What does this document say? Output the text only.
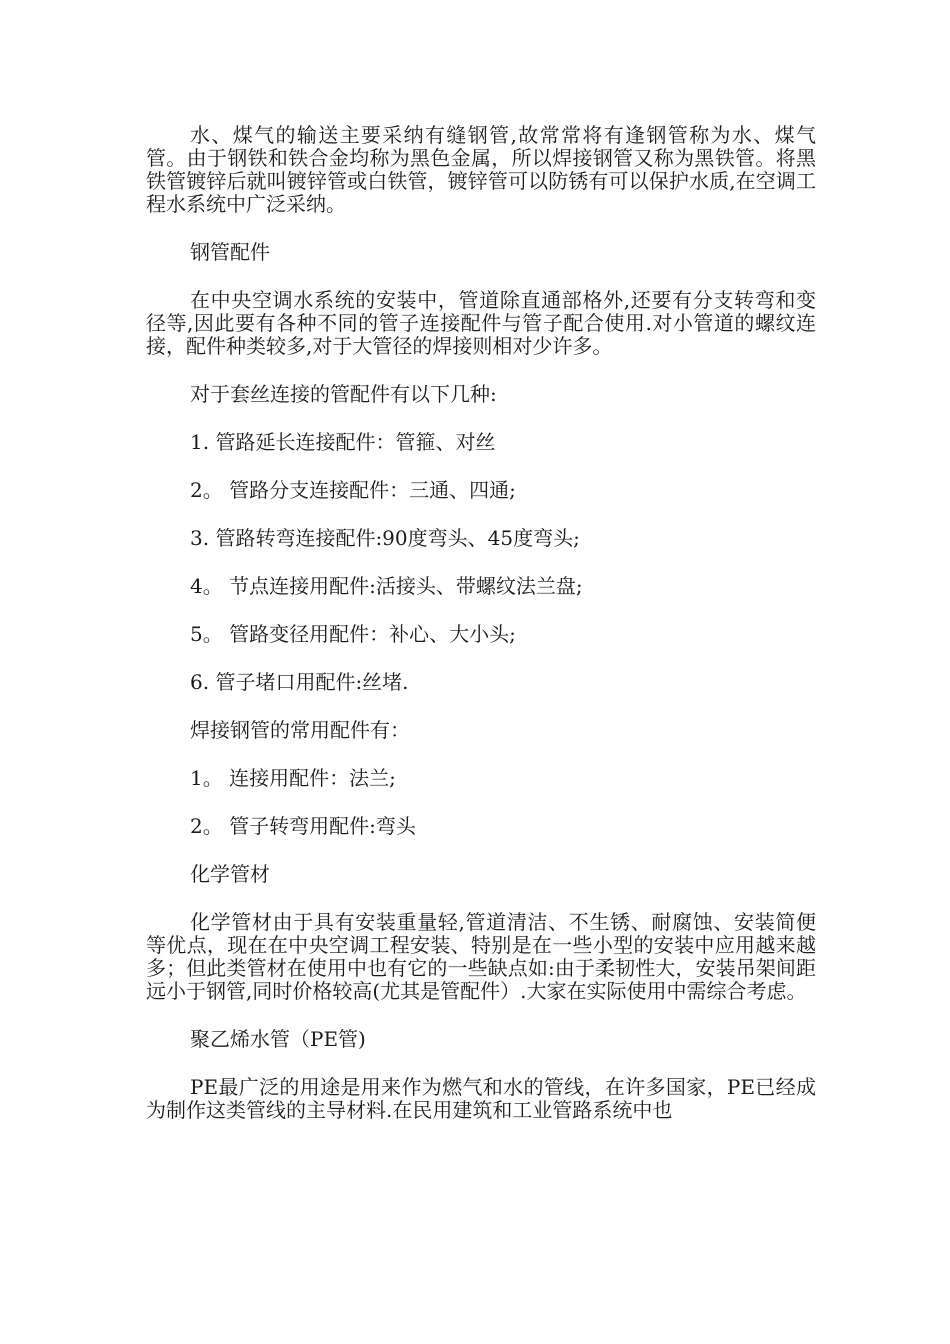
水、煤气的输送主要采纳有缝钢管,故常常将有逢钢管称为水、煤气管。由于钢铁和铁合金均称为黑色金属，所以焊接钢管又称为黑铁管。将黑铁管镀锌后就叫镀锌管或白铁管，镀锌管可以防锈有可以保护水质,在空调工程水系统中广泛采纳。

钢管配件

在中央空调水系统的安装中，管道除直通部格外,还要有分支转弯和变径等,因此要有各种不同的管子连接配件与管子配合使用.对小管道的螺纹连接，配件种类较多,对于大管径的焊接则相对少许多。

对于套丝连接的管配件有以下几种:

1. 管路延长连接配件：管箍、对丝

2。 管路分支连接配件：三通、四通;

3. 管路转弯连接配件:90度弯头、45度弯头;

4。 节点连接用配件:活接头、带螺纹法兰盘;

5。 管路变径用配件：补心、大小头;

6. 管子堵口用配件:丝堵.

焊接钢管的常用配件有：

1。 连接用配件：法兰;

2。 管子转弯用配件:弯头

化学管材

化学管材由于具有安装重量轻,管道清洁、不生锈、耐腐蚀、安装简便等优点，现在在中央空调工程安装、特别是在一些小型的安装中应用越来越多；但此类管材在使用中也有它的一些缺点如:由于柔韧性大，安装吊架间距远小于钢管,同时价格较高(尤其是管配件）.大家在实际使用中需综合考虑。

聚乙烯水管（PE管)

PE最广泛的用途是用来作为燃气和水的管线，在许多国家，PE已经成为制作这类管线的主导材料.在民用建筑和工业管路系统中也
